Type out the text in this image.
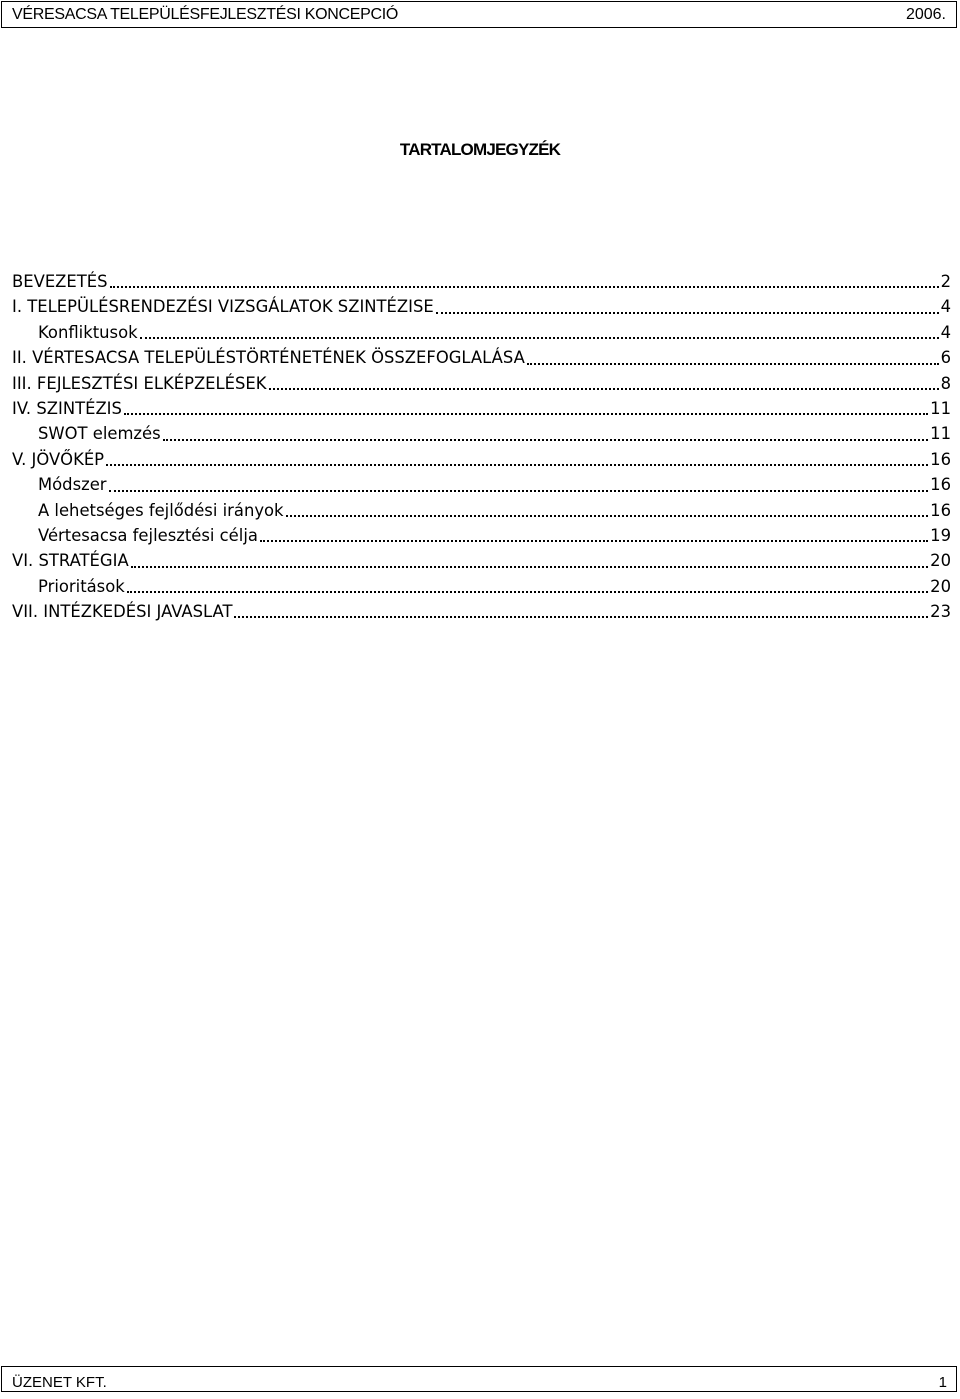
VÉRESACSA TELEPÜLÉSFEJLESZTÉSI KONCEPCIÓ	2006.
TARTALOMJEGYZÉK
BEVEZETÉS	2
I. TELEPÜLÉSRENDEZÉSI VIZSGÁLATOK SZINTÉZISE	4
Konfliktusok	4
II. VÉRTESACSA TELEPÜLÉSTÖRTÉNETÉNEK ÖSSZEFOGLALÁSA	6
III. FEJLESZTÉSI ELKÉPZELÉSEK	8
IV. SZINTÉZIS	11
SWOT elemzés	11
V. JÖVŐKÉP	16
Módszer	16
A lehetséges fejlődési irányok	16
Vértesacsa fejlesztési célja	19
VI. STRATÉGIA	20
Prioritások	20
VII. INTÉZKEDÉSI JAVASLAT	23
ÜZENET KFT.	1
